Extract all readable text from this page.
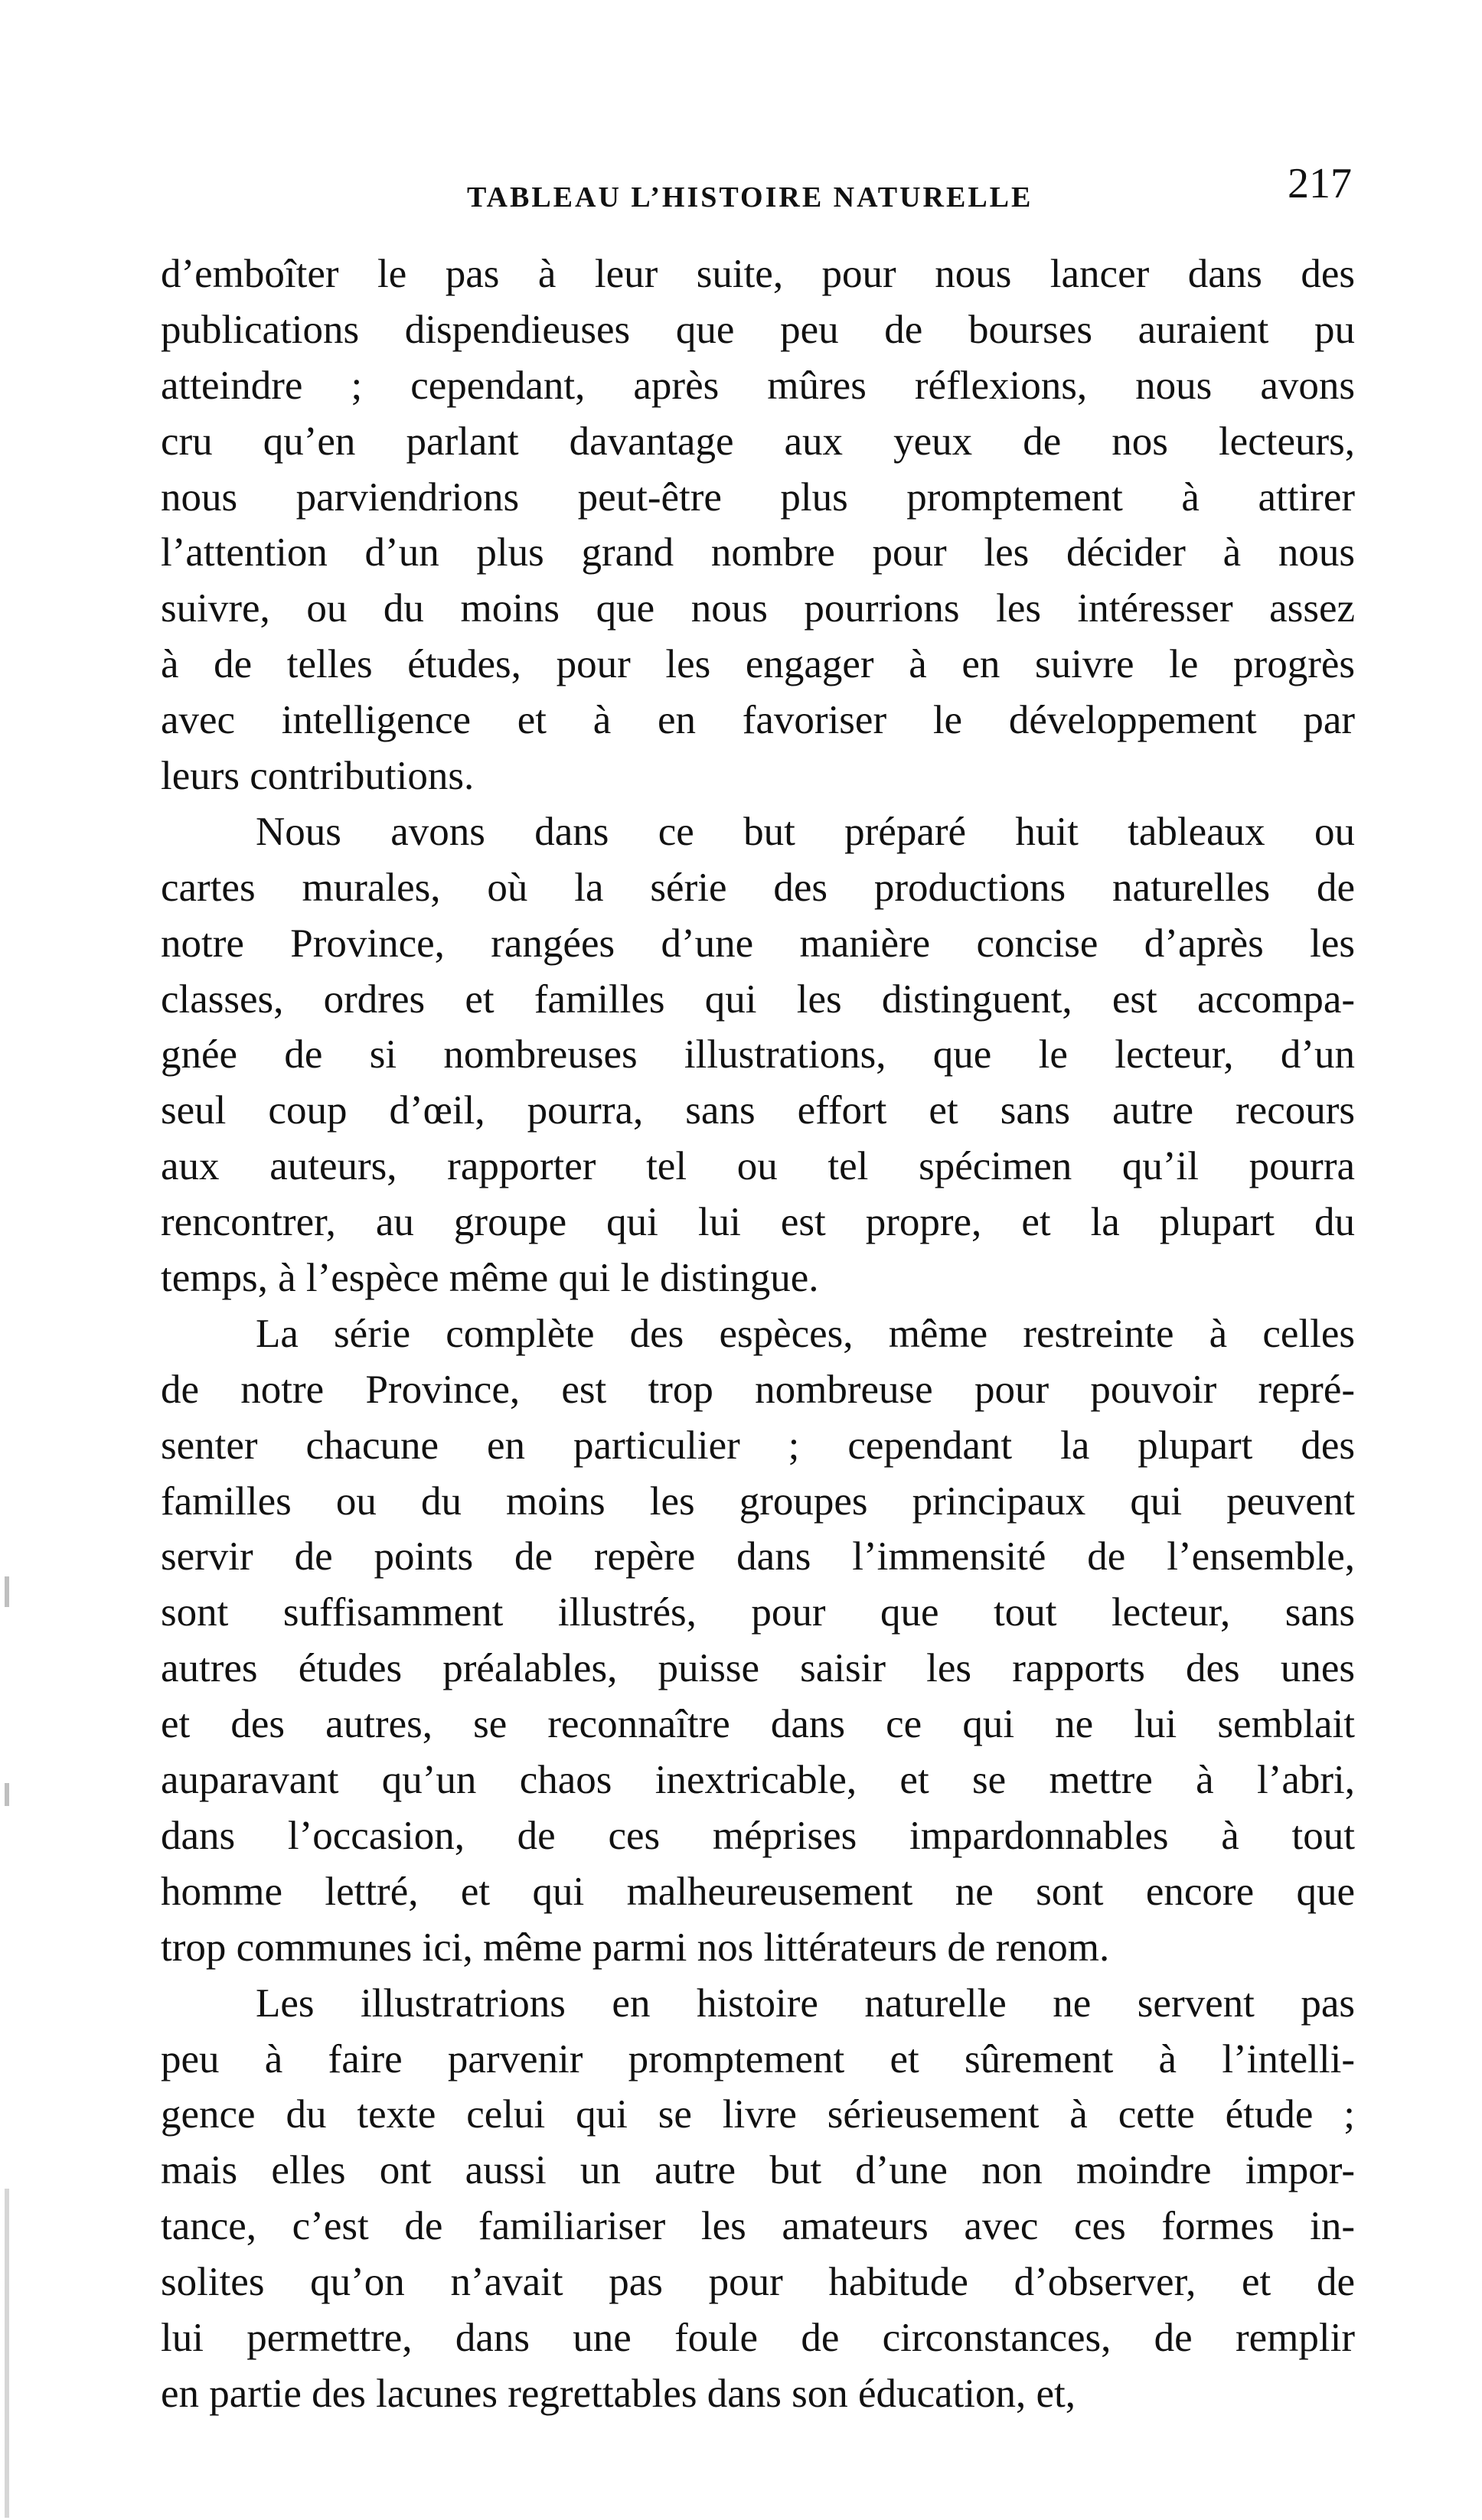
TABLEAU L’HISTOIRE NATURELLE	217
d’emboîter le pas à leur suite, pour nous lancer dans des
publications dispendieuses que peu de bourses auraient pu
atteindre ; cependant, après mûres réflexions, nous avons
cru qu’en parlant davantage aux yeux de nos lecteurs,
nous parviendrions peut-être plus promptement à attirer
l’attention d’un plus grand nombre pour les décider à nous
suivre, ou du moins que nous pourrions les intéresser assez
à de telles études, pour les engager à en suivre le progrès
avec intelligence et à en favoriser le développement par
leurs contributions.
Nous avons dans ce but préparé huit tableaux ou
cartes murales, où la série des productions naturelles de
notre Province, rangées d’une manière concise d’après les
classes, ordres et familles qui les distinguent, est accompa-
gnée de si nombreuses illustrations, que le lecteur, d’un
seul coup d’œil, pourra, sans effort et sans autre recours
aux auteurs, rapporter tel ou tel spécimen qu’il pourra
rencontrer, au groupe qui lui est propre, et la plupart du
temps, à l’espèce même qui le distingue.
La série complète des espèces, même restreinte à celles
de notre Province, est trop nombreuse pour pouvoir repré-
senter chacune en particulier ; cependant la plupart des
familles ou du moins les groupes principaux qui peuvent
servir de points de repère dans l’immensité de l’ensemble,
sont suffisamment illustrés, pour que tout lecteur, sans
autres études préalables, puisse saisir les rapports des unes
et des autres, se reconnaître dans ce qui ne lui semblait
auparavant qu’un chaos inextricable, et se mettre à l’abri,
dans l’occasion, de ces méprises impardonnables à tout
homme lettré, et qui malheureusement ne sont encore que
trop communes ici, même parmi nos littérateurs de renom.
Les illustratrions en histoire naturelle ne servent pas
peu à faire parvenir promptement et sûrement à l’intelli-
gence du texte celui qui se livre sérieusement à cette étude ;
mais elles ont aussi un autre but d’une non moindre impor-
tance, c’est de familiariser les amateurs avec ces formes in-
solites qu’on n’avait pas pour habitude d’observer, et de
lui permettre, dans une foule de circonstances, de remplir
en partie des lacunes regrettables dans son éducation, et,
